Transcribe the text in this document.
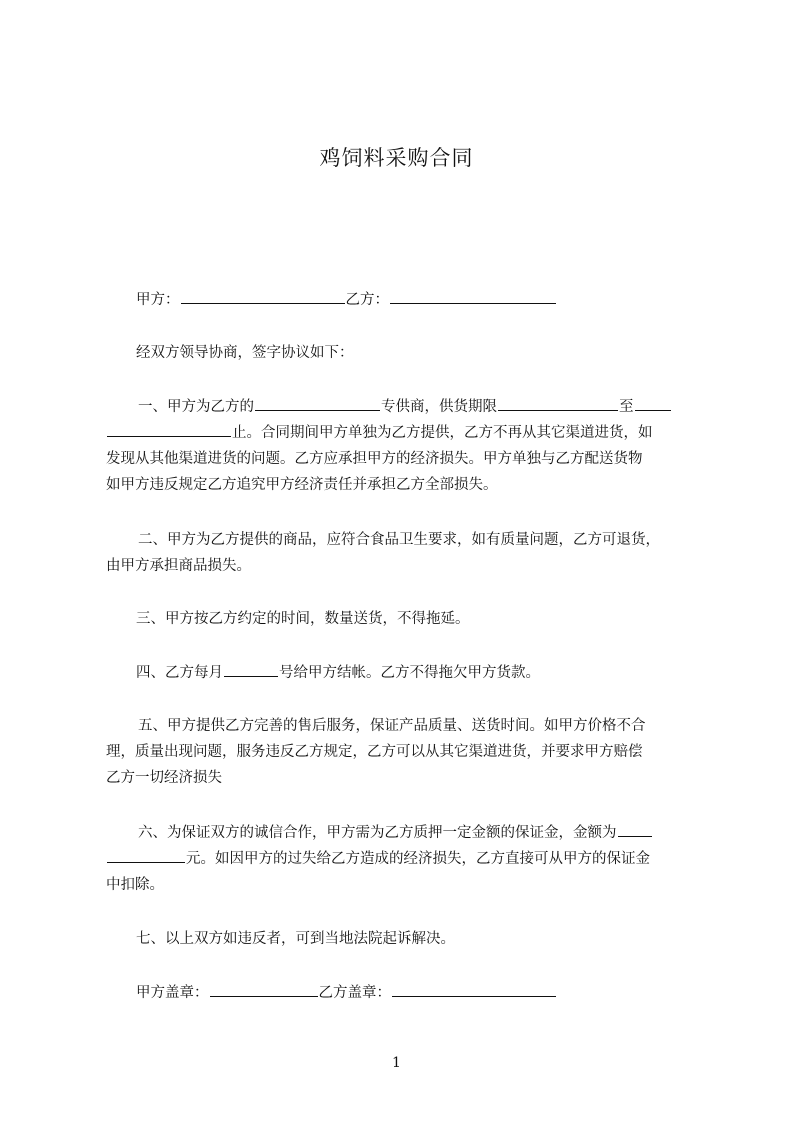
鸡饲料采购合同

甲方：	乙方：

经双方领导协商，签字协议如下：

一、甲方为乙方的	专供商，供货期限	至
止。合同期间甲方单独为乙方提供，乙方不再从其它渠道进货，如
发现从其他渠道进货的问题。乙方应承担甲方的经济损失。甲方单独与乙方配送货物
如甲方违反规定乙方追究甲方经济责任并承担乙方全部损失。
二、甲方为乙方提供的商品，应符合食品卫生要求，如有质量问题，乙方可退货，
由甲方承担商品损失。

三、甲方按乙方约定的时间，数量送货，不得拖延。

四、乙方每月	号给甲方结帐。乙方不得拖欠甲方货款。

五、甲方提供乙方完善的售后服务，保证产品质量、送货时间。如甲方价格不合
理，质量出现问题，服务违反乙方规定，乙方可以从其它渠道进货，并要求甲方赔偿
乙方一切经济损失
六、为保证双方的诚信合作，甲方需为乙方质押一定金额的保证金，金额为
元。如因甲方的过失给乙方造成的经济损失，乙方直接可从甲方的保证金
中扣除。

七、以上双方如违反者，可到当地法院起诉解决。

甲方盖章：	乙方盖章：

1
